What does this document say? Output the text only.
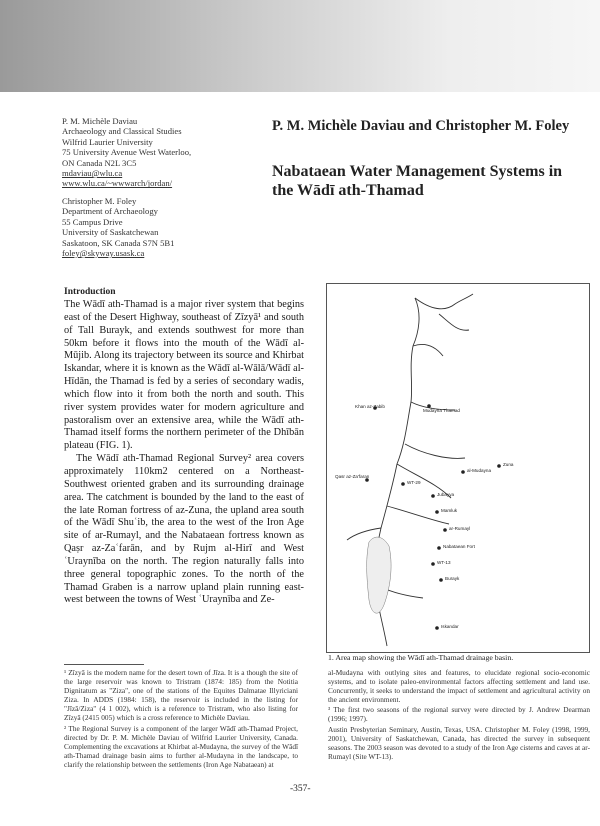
P. M. Michèle Daviau
Archaeology and Classical Studies
Wilfrid Laurier University
75 University Avenue West Waterloo,
ON Canada N2L 3C5
mdaviau@wlu.ca
www.wlu.ca/~wwwarch/jordan/
Christopher M. Foley
Department of Archaeology
55 Campus Drive
University of Saskatchewan
Saskatoon, SK Canada S7N 5B1
foley@skyway.usask.ca
P. M. Michèle Daviau and Christopher M. Foley
Nabataean Water Management Systems in
the Wādī ath-Thamad
Introduction

The Wādī ath-Thamad is a major river system that begins east of the Desert Highway, southeast of Zīzyā¹ and south of Tall Burayk, and extends southwest for more than 50km before it flows into the mouth of the Wādī al-Mūjib. Along its trajectory between its source and Khirbat Iskandar, where it is known as the Wādī al-Wālā/Wādī al-Hīdān, the Thamad is fed by a series of secondary wadis, which flow into it from both the north and south. This river system provides water for modern agriculture and pastoralism over an extensive area, while the Wādī ath-Thamad itself forms the northern perimeter of the Dhībān plateau (FIG. 1).

The Wādī ath-Thamad Regional Survey² area covers approximately 110km2 centered on a Northeast-Southwest oriented graben and its surrounding drainage area. The catchment is bounded by the land to the east of the late Roman fortress of az-Zuna, the upland area south of the Wādī Shuʿib, the area to the west of the Iron Age site of ar-Rumayl, and the Nabataean fortress known as Qaṣr az-Zaʿfarān, and by Rujm al-Hirī and West ʿUraynība on the north. The region naturally falls into three general topographic zones. To the north of the Thamad Graben is a narrow upland plain running east-west between the towns of West ʿUraynība and Ze-

Mudayna Thamad
Khan az-Zabib
Qasr az-Za'faran
WT-29
al-Mudayna
Zuna
Jubayya
Mamluk
ar-Rumayl
Nabataean Fort
WT-13
Burayk
Iskandar
1. Area map showing the Wādī ath-Thamad drainage basin.

¹ Zīzyā is the modern name for the desert town of Jīza. It is a though the site of the large reservoir was known to Tristram (1874: 185) from the Notitia Dignitatum as "Ziza", one of the stations of the Equites Dalmatae Illyriciani Ziza. In ADDS (1984: 158), the reservoir is included in the listing for "Jīzā/Ziza" (4 1 002), which is a reference to Tristram, who also listing for Zīzyā (2415 005) which is a cross reference to Michèle Daviau.

² The Regional Survey is a component of the larger Wādī ath-Thamad Project, directed by Dr. P. M. Michèle Daviau of Wilfrid Laurier University, Canada. Complementing the excavations at Khirbat al-Mudayna, the survey of the Wādī ath-Thamad drainage basin aims to further al-Mudayna in the landscape, to clarify the relationship between the settlements (Iron Age Nabataean) at

al-Mudayna with outlying sites and features, to elucidate regional socio-economic systems, and to isolate paleo-environmental factors affecting settlement and land use. Concurrently, it seeks to understand the impact of settlement and agricultural activity on the ancient environment.

³ The first two seasons of the regional survey were directed by J. Andrew Dearman (1996; 1997).

Austin Presbyterian Seminary, Austin, Texas, USA. Christopher M. Foley (1998, 1999, 2001), University of Saskatchewan, Canada, has directed the survey in subsequent seasons. The 2003 season was devoted to a study of the Iron Age cisterns and caves at ar-Rumayl (Site WT-13).

-357-
